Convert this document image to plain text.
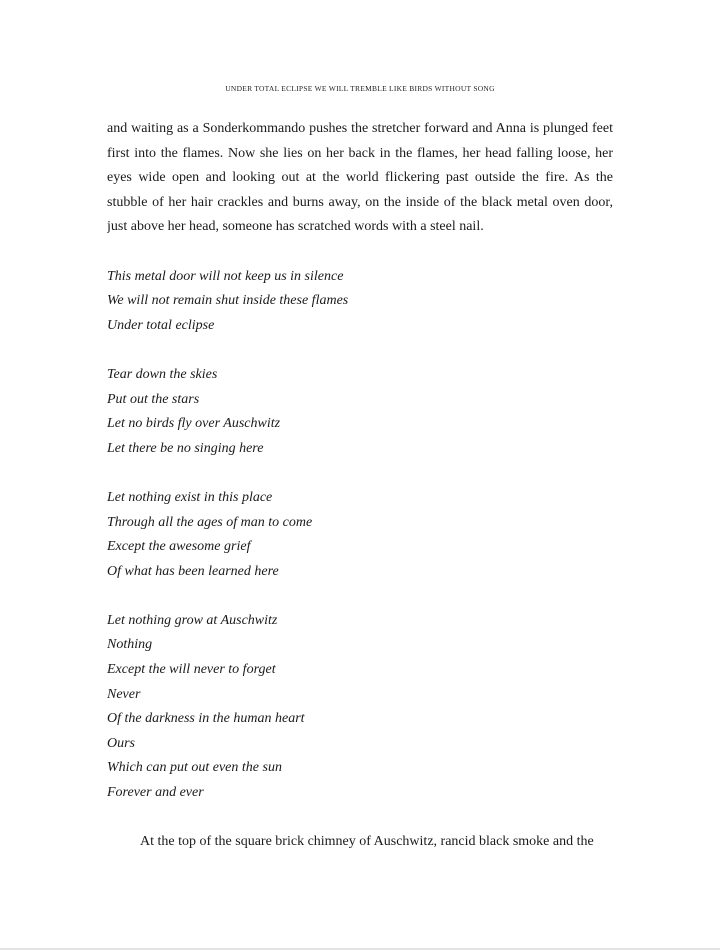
UNDER TOTAL ECLIPSE WE WILL TREMBLE LIKE BIRDS WITHOUT SONG
and waiting as a Sonderkommando pushes the stretcher forward and Anna is plunged feet
first into the flames. Now she lies on her back in the flames, her head falling loose, her
eyes wide open and looking out at the world flickering past outside the fire. As the
stubble of her hair crackles and burns away, on the inside of the black metal oven door,
just above her head, someone has scratched words with a steel nail.
This metal door will not keep us in silence
We will not remain shut inside these flames
Under total eclipse
Tear down the skies
Put out the stars
Let no birds fly over Auschwitz
Let there be no singing here
Let nothing exist in this place
Through all the ages of man to come
Except the awesome grief
Of what has been learned here
Let nothing grow at Auschwitz
Nothing
Except the will never to forget
Never
Of the darkness in the human heart
Ours
Which can put out even the sun
Forever and ever

At the top of the square brick chimney of Auschwitz, rancid black smoke and the
